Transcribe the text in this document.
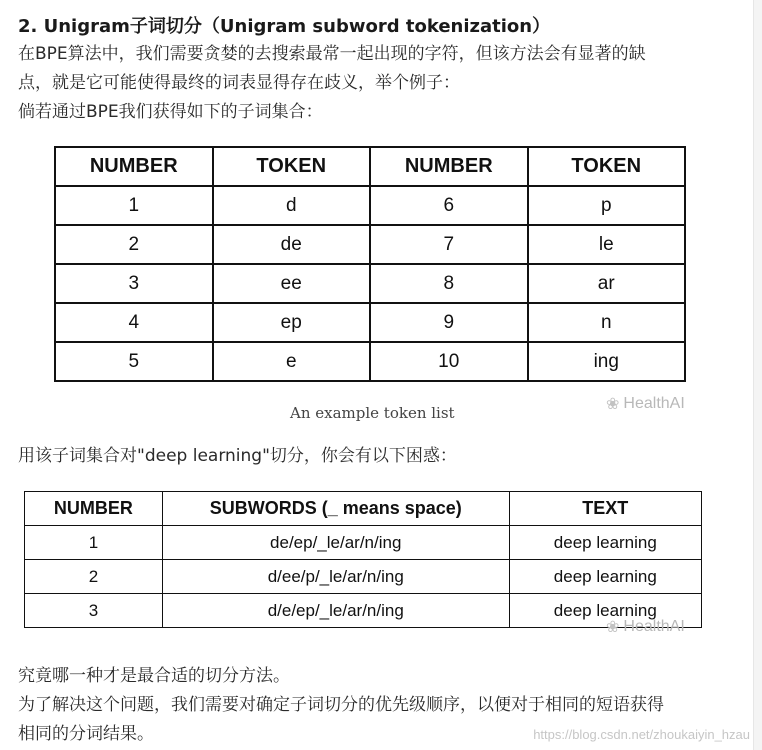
2. Unigram子词切分（Unigram subword tokenization）
在BPE算法中，我们需要贪婪的去搜索最常一起出现的字符，但该方法会有显著的缺
点，就是它可能使得最终的词表显得存在歧义，举个例子：
倘若通过BPE我们获得如下的子词集合：
NUMBER	TOKEN	NUMBER	TOKEN
1	d	6	p
2	de	7	le
3	ee	8	ar
4	ep	9	n
5	e	10	ing
An example token list	❀ HealthAI
用该子词集合对"deep learning"切分，你会有以下困惑：
NUMBER	SUBWORDS (_ means space)	TEXT
1	de/ep/_le/ar/n/ing	deep learning
2	d/ee/p/_le/ar/n/ing	deep learning
3	d/e/ep/_le/ar/n/ing	deep learning
❀ HealthAI
究竟哪一种才是最合适的切分方法。
为了解决这个问题，我们需要对确定子词切分的优先级顺序，以便对于相同的短语获得
相同的分词结果。	https://blog.csdn.net/zhoukaiyin_hzau
